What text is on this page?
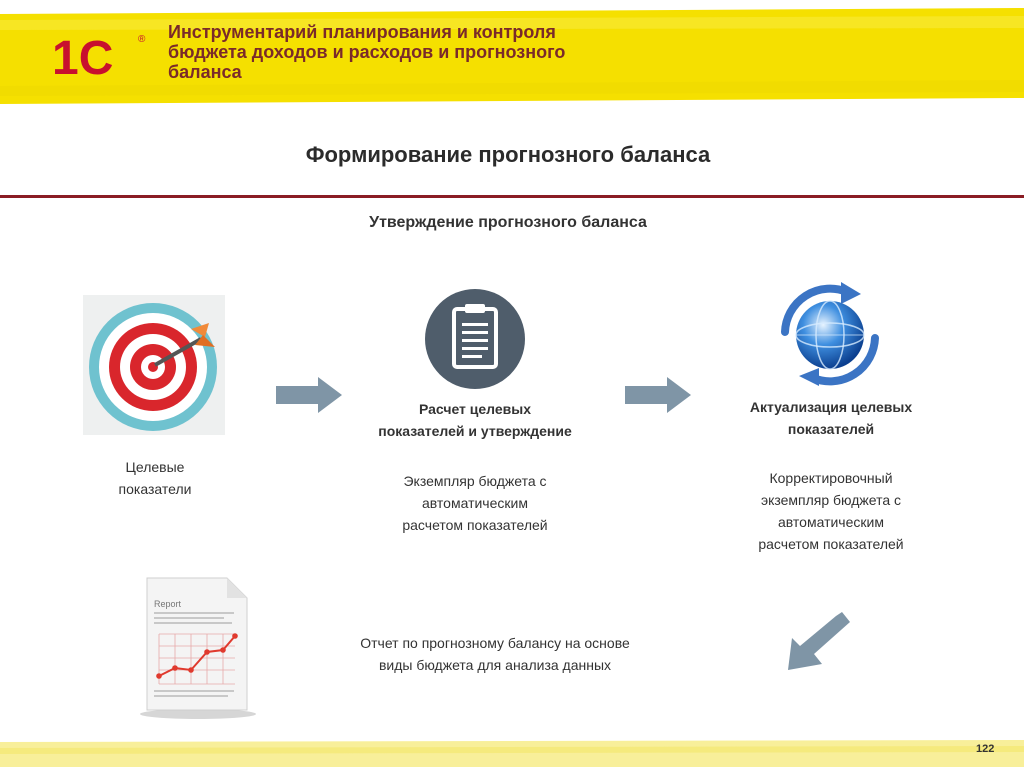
1С ® Инструментарий планирования и контроля
бюджета доходов и расходов и прогнозного
баланса
Формирование прогнозного баланса
Утверждение прогнозного баланса
Целевые
показатели
Расчет целевых
показателей и утверждение
Экземпляр бюджета с
автоматическим
расчетом показателей
Актуализация целевых
показателей
Корректировочный
экземпляр бюджета с
автоматическим
расчетом показателей
Report
Отчет по прогнозному балансу на основе
виды бюджета для анализа данных
122
